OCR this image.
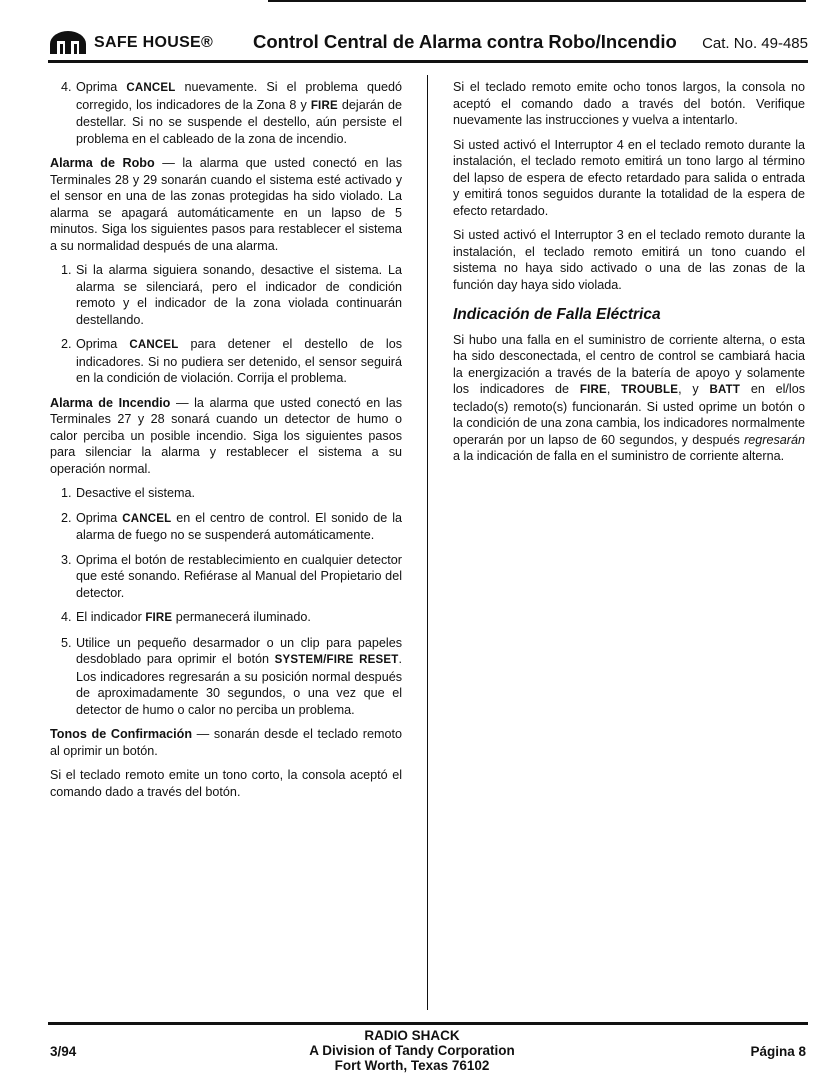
SAFE HOUSE® Control Central de Alarma contra Robo/Incendio Cat. No. 49-485
4. Oprima CANCEL nuevamente. Si el problema quedó corregido, los indicadores de la Zona 8 y FIRE dejarán de destellar. Si no se suspende el destello, aún persiste el problema en el cableado de la zona de incendio.

Alarma de Robo — la alarma que usted conectó en las Terminales 28 y 29 sonarán cuando el sistema esté activado y el sensor en una de las zonas protegidas ha sido violado. La alarma se apagará automáticamente en un lapso de 5 minutos. Siga los siguientes pasos para restablecer el sistema a su normalidad después de una alarma.

1. Si la alarma siguiera sonando, desactive el sistema. La alarma se silenciará, pero el indicador de condición remoto y el indicador de la zona violada continuarán destellando.
2. Oprima CANCEL para detener el destello de los indicadores. Si no pudiera ser detenido, el sensor seguirá en la condición de violación. Corrija el problema.

Alarma de Incendio — la alarma que usted conectó en las Terminales 27 y 28 sonará cuando un detector de humo o calor perciba un posible incendio. Siga los siguientes pasos para silenciar la alarma y restablecer el sistema a su operación normal.

1. Desactive el sistema.
2. Oprima CANCEL en el centro de control. El sonido de la alarma de fuego no se suspenderá automáticamente.
3. Oprima el botón de restablecimiento en cualquier detector que esté sonando. Refiérase al Manual del Propietario del detector.
4. El indicador FIRE permanecerá iluminado.
5. Utilice un pequeño desarmador o un clip para papeles desdoblado para oprimir el botón SYSTEM/FIRE RESET. Los indicadores regresarán a su posición normal después de aproximadamente 30 segundos, o una vez que el detector de humo o calor no perciba un problema.

Tonos de Confirmación — sonarán desde el teclado remoto al oprimir un botón.

Si el teclado remoto emite un tono corto, la consola aceptó el comando dado a través del botón.

Si el teclado remoto emite ocho tonos largos, la consola no aceptó el comando dado a través del botón. Verifique nuevamente las instrucciones y vuelva a intentarlo.

Si usted activó el Interruptor 4 en el teclado remoto durante la instalación, el teclado remoto emitirá un tono largo al término del lapso de espera de efecto retardado para salida o entrada y emitirá tonos seguidos durante la totalidad de la espera de efecto retardado.

Si usted activó el Interruptor 3 en el teclado remoto durante la instalación, el teclado remoto emitirá un tono cuando el sistema no haya sido activado o una de las zonas de la función day haya sido violada.

Indicación de Falla Eléctrica

Si hubo una falla en el suministro de corriente alterna, o esta ha sido desconectada, el centro de control se cambiará hacia la energización a través de la batería de apoyo y solamente los indicadores de FIRE, TROUBLE, y BATT en el/los teclado(s) remoto(s) funcionarán. Si usted oprime un botón o la condición de una zona cambia, los indicadores normalmente operarán por un lapso de 60 segundos, y después regresarán a la indicación de falla en el suministro de corriente alterna.

RADIO SHACK
A Division of Tandy Corporation
Fort Worth, Texas 76102
3/94	Página 8
